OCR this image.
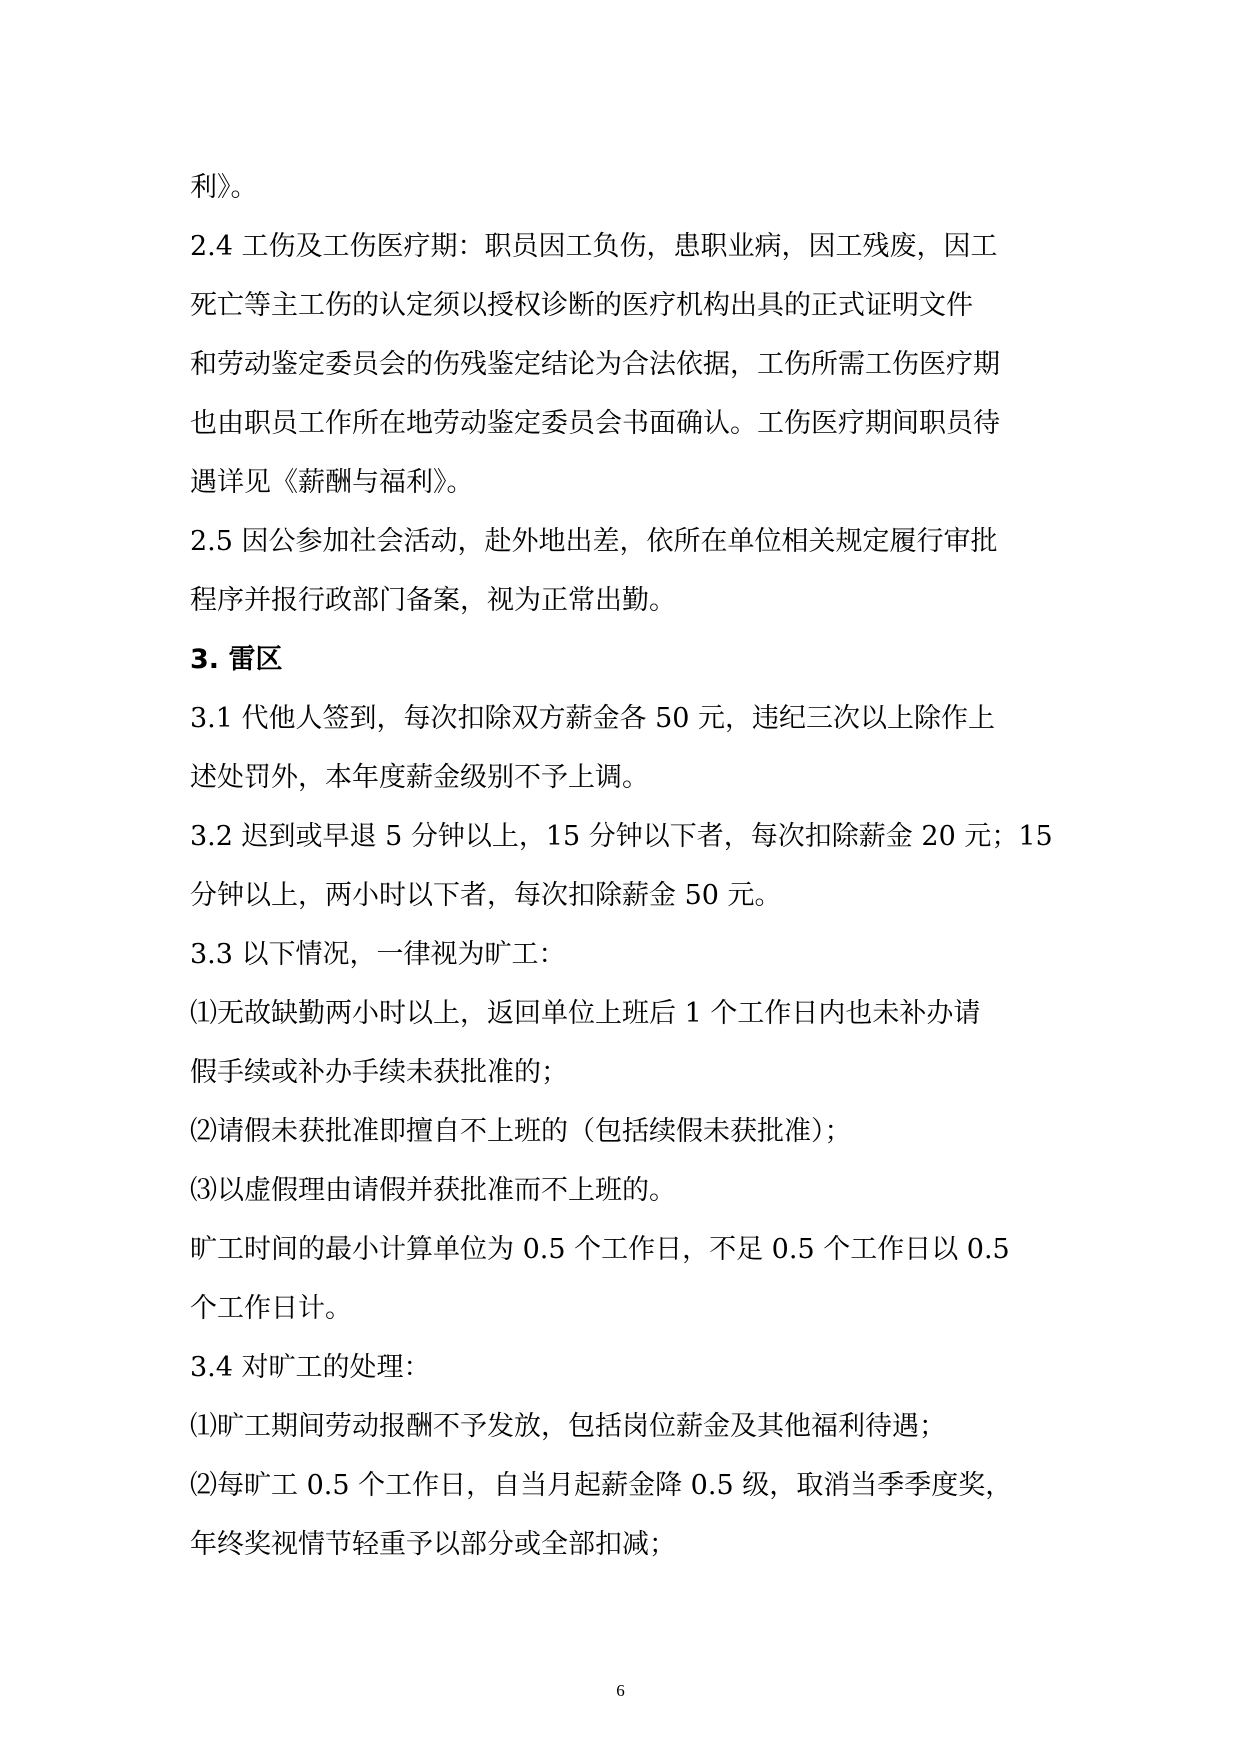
利》。
2.4 工伤及工伤医疗期：职员因工负伤，患职业病，因工残废，因工
死亡等主工伤的认定须以授权诊断的医疗机构出具的正式证明文件
和劳动鉴定委员会的伤残鉴定结论为合法依据，工伤所需工伤医疗期
也由职员工作所在地劳动鉴定委员会书面确认。工伤医疗期间职员待
遇详见《薪酬与福利》。
2.5 因公参加社会活动，赴外地出差，依所在单位相关规定履行审批
程序并报行政部门备案，视为正常出勤。
3. 雷区
3.1 代他人签到，每次扣除双方薪金各 50 元，违纪三次以上除作上
述处罚外，本年度薪金级别不予上调。
3.2 迟到或早退 5 分钟以上，15 分钟以下者，每次扣除薪金 20 元；15
分钟以上，两小时以下者，每次扣除薪金 50 元。
3.3 以下情况，一律视为旷工：
⑴无故缺勤两小时以上，返回单位上班后 1 个工作日内也未补办请
假手续或补办手续未获批准的；
⑵请假未获批准即擅自不上班的（包括续假未获批准）；
⑶以虚假理由请假并获批准而不上班的。
旷工时间的最小计算单位为 0.5 个工作日，不足 0.5 个工作日以 0.5
个工作日计。
3.4 对旷工的处理：
⑴旷工期间劳动报酬不予发放，包括岗位薪金及其他福利待遇；
⑵每旷工 0.5 个工作日，自当月起薪金降 0.5 级，取消当季季度奖，
年终奖视情节轻重予以部分或全部扣减；
6
